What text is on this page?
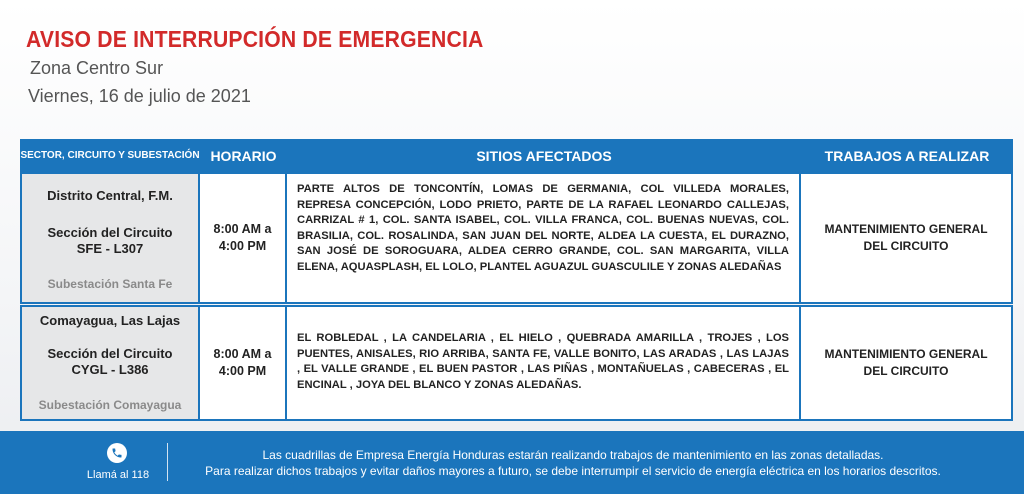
AVISO DE INTERRUPCIÓN DE EMERGENCIA
Zona Centro Sur
Viernes, 16 de julio de 2021
SECTOR, CIRCUITO Y SUBESTACIÓN HORARIO	SITIOS AFECTADOS	TRABAJOS A REALIZAR
Distrito Central, F.M.
Sección del Circuito
SFE - L307
Subestación Santa Fe
8:00 AM a
4:00 PM
PARTE ALTOS DE TONCONTÍN, LOMAS DE GERMANIA, COL VILLEDA MORALES, REPRESA CONCEPCIÓN, LODO PRIETO, PARTE DE LA RAFAEL LEONARDO CALLEJAS, CARRIZAL # 1, COL. SANTA ISABEL, COL. VILLA FRANCA, COL. BUENAS NUEVAS, COL. BRASILIA, COL. ROSALINDA, SAN JUAN DEL NORTE, ALDEA LA CUESTA, EL DURAZNO, SAN JOSÉ DE SOROGUARA, ALDEA CERRO GRANDE, COL. SAN MARGARITA, VILLA ELENA, AQUASPLASH, EL LOLO, PLANTEL AGUAZUL GUASCULILE Y ZONAS ALEDAÑAS
MANTENIMIENTO GENERAL
DEL CIRCUITO
Comayagua, Las Lajas
Sección del Circuito
CYGL - L386
Subestación Comayagua
8:00 AM a
4:00 PM
EL ROBLEDAL , LA CANDELARIA , EL HIELO , QUEBRADA AMARILLA , TROJES , LOS PUENTES, ANISALES, RIO ARRIBA, SANTA FE, VALLE BONITO, LAS ARADAS , LAS LAJAS , EL VALLE GRANDE , EL BUEN PASTOR , LAS PIÑAS , MONTAÑUELAS , CABECERAS , EL ENCINAL , JOYA DEL BLANCO Y ZONAS ALEDAÑAS.
MANTENIMIENTO GENERAL
DEL CIRCUITO
Llamá al 118
Las cuadrillas de Empresa Energía Honduras estarán realizando trabajos de mantenimiento en las zonas detalladas.
Para realizar dichos trabajos y evitar daños mayores a futuro, se debe interrumpir el servicio de energía eléctrica en los horarios descritos.
